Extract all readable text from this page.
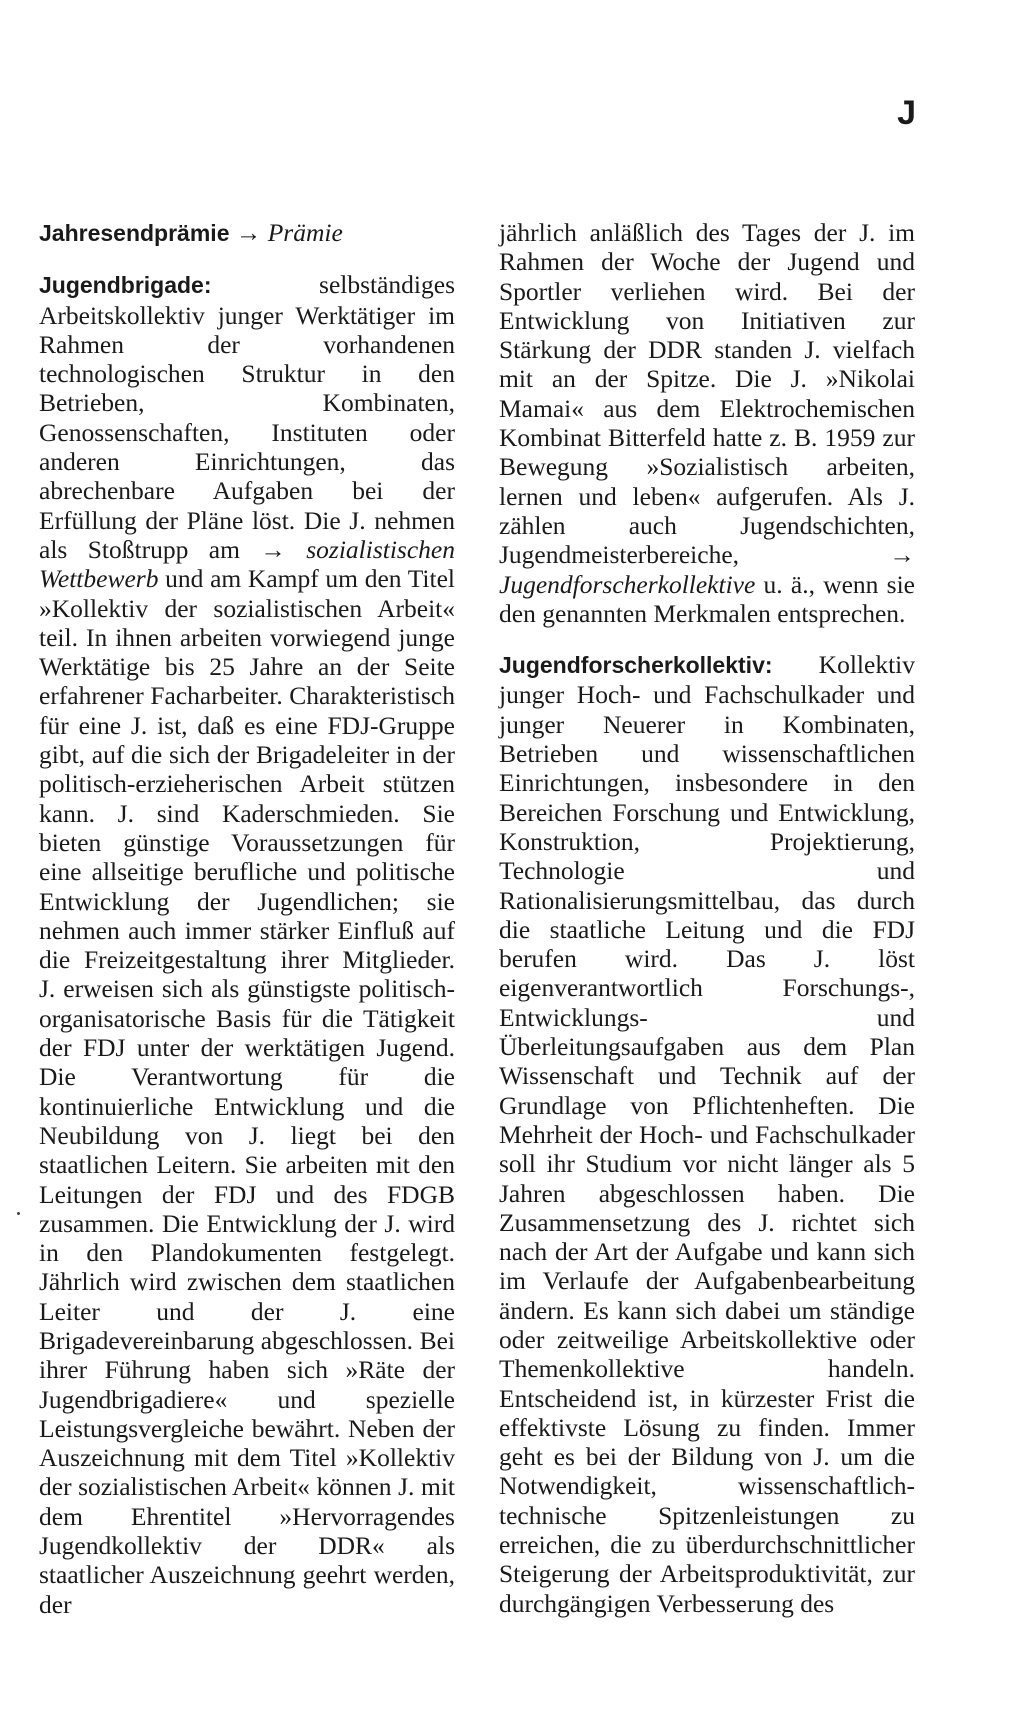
J

Jahresendprämie → Prämie

Jugendbrigade: selbständiges Arbeitskollektiv junger Werktätiger im Rahmen der vorhandenen technologischen Struktur in den Betrieben, Kombinaten, Genossenschaften, Instituten oder anderen Einrichtungen, das abrechenbare Aufgaben bei der Erfüllung der Pläne löst. Die J. nehmen als Stoßtrupp am → sozialistischen Wettbewerb und am Kampf um den Titel »Kollektiv der sozialistischen Arbeit« teil. In ihnen arbeiten vorwiegend junge Werktätige bis 25 Jahre an der Seite erfahrener Facharbeiter. Charakteristisch für eine J. ist, daß es eine FDJ-Gruppe gibt, auf die sich der Brigadeleiter in der politisch-erzieherischen Arbeit stützen kann. J. sind Kaderschmieden. Sie bieten günstige Voraussetzungen für eine allseitige berufliche und politische Entwicklung der Jugendlichen; sie nehmen auch immer stärker Einfluß auf die Freizeitgestaltung ihrer Mitglieder. J. erweisen sich als günstigste politisch-organisatorische Basis für die Tätigkeit der FDJ unter der werktätigen Jugend. Die Verantwortung für die kontinuierliche Entwicklung und die Neubildung von J. liegt bei den staatlichen Leitern. Sie arbeiten mit den Leitungen der FDJ und des FDGB zusammen. Die Entwicklung der J. wird in den Plandokumenten festgelegt. Jährlich wird zwischen dem staatlichen Leiter und der J. eine Brigadevereinbarung abgeschlossen. Bei ihrer Führung haben sich »Räte der Jugendbrigadiere« und spezielle Leistungsvergleiche bewährt. Neben der Auszeichnung mit dem Titel »Kollektiv der sozialistischen Arbeit« können J. mit dem Ehrentitel »Hervorragendes Jugendkollektiv der DDR« als staatlicher Auszeichnung geehrt werden, der

jährlich anläßlich des Tages der J. im Rahmen der Woche der Jugend und Sportler verliehen wird. Bei der Entwicklung von Initiativen zur Stärkung der DDR standen J. vielfach mit an der Spitze. Die J. »Nikolai Mamai« aus dem Elektrochemischen Kombinat Bitterfeld hatte z. B. 1959 zur Bewegung »Sozialistisch arbeiten, lernen und leben« aufgerufen. Als J. zählen auch Jugendschichten, Jugendmeisterbereiche, → Jugendforscherkollektive u. ä., wenn sie den genannten Merkmalen entsprechen.

Jugendforscherkollektiv: Kollektiv junger Hoch- und Fachschulkader und junger Neuerer in Kombinaten, Betrieben und wissenschaftlichen Einrichtungen, insbesondere in den Bereichen Forschung und Entwicklung, Konstruktion, Projektierung, Technologie und Rationalisierungsmittelbau, das durch die staatliche Leitung und die FDJ berufen wird. Das J. löst eigenverantwortlich Forschungs-, Entwicklungs- und Überleitungsaufgaben aus dem Plan Wissenschaft und Technik auf der Grundlage von Pflichtenheften. Die Mehrheit der Hoch- und Fachschulkader soll ihr Studium vor nicht länger als 5 Jahren abgeschlossen haben. Die Zusammensetzung des J. richtet sich nach der Art der Aufgabe und kann sich im Verlaufe der Aufgabenbearbeitung ändern. Es kann sich dabei um ständige oder zeitweilige Arbeitskollektive oder Themenkollektive handeln. Entscheidend ist, in kürzester Frist die effektivste Lösung zu finden. Immer geht es bei der Bildung von J. um die Notwendigkeit, wissenschaftlich-technische Spitzenleistungen zu erreichen, die zu überdurchschnittlicher Steigerung der Arbeitsproduktivität, zur durchgängigen Verbesserung des
